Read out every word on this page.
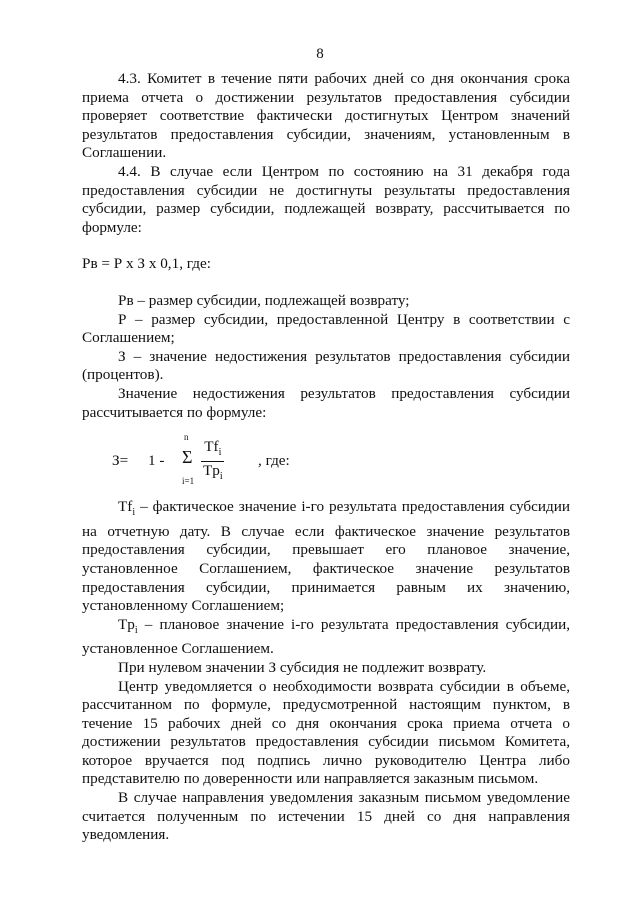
8

4.3. Комитет в течение пяти рабочих дней со дня окончания срока приема отчета о достижении результатов предоставления субсидии проверяет соответствие фактически достигнутых Центром значений результатов предоставления субсидии, значениям, установленным в Соглашении.

4.4. В случае если Центром по состоянию на 31 декабря года предоставления субсидии не достигнуты результаты предоставления субсидии, размер субсидии, подлежащей возврату, рассчитывается по формуле:

Рв = Р х З х 0,1, где:

Рв – размер субсидии, подлежащей возврату;

Р – размер субсидии, предоставленной Центру в соответствии с Соглашением;

З – значение недостижения результатов предоставления субсидии (процентов).

Значение недостижения результатов предоставления субсидии рассчитывается по формуле:

З= 1 -
n
Σ
i=1
$Tf_i$
$Tp_i$
, где:

$Tf_i$ – фактическое значение i-го результата предоставления субсидии на отчетную дату. В случае если фактическое значение результатов предоставления субсидии, превышает его плановое значение, установленное Соглашением, фактическое значение результатов предоставления субсидии, принимается равным их значению, установленному Соглашением;

$Tp_i$ – плановое значение i-го результата предоставления субсидии, установленное Соглашением.

При нулевом значении З субсидия не подлежит возврату.

Центр уведомляется о необходимости возврата субсидии в объеме, рассчитанном по формуле, предусмотренной настоящим пунктом, в течение 15 рабочих дней со дня окончания срока приема отчета о достижении результатов предоставления субсидии письмом Комитета, которое вручается под подпись лично руководителю Центра либо представителю по доверенности или направляется заказным письмом.

В случае направления уведомления заказным письмом уведомление считается полученным по истечении 15 дней со дня направления уведомления.
